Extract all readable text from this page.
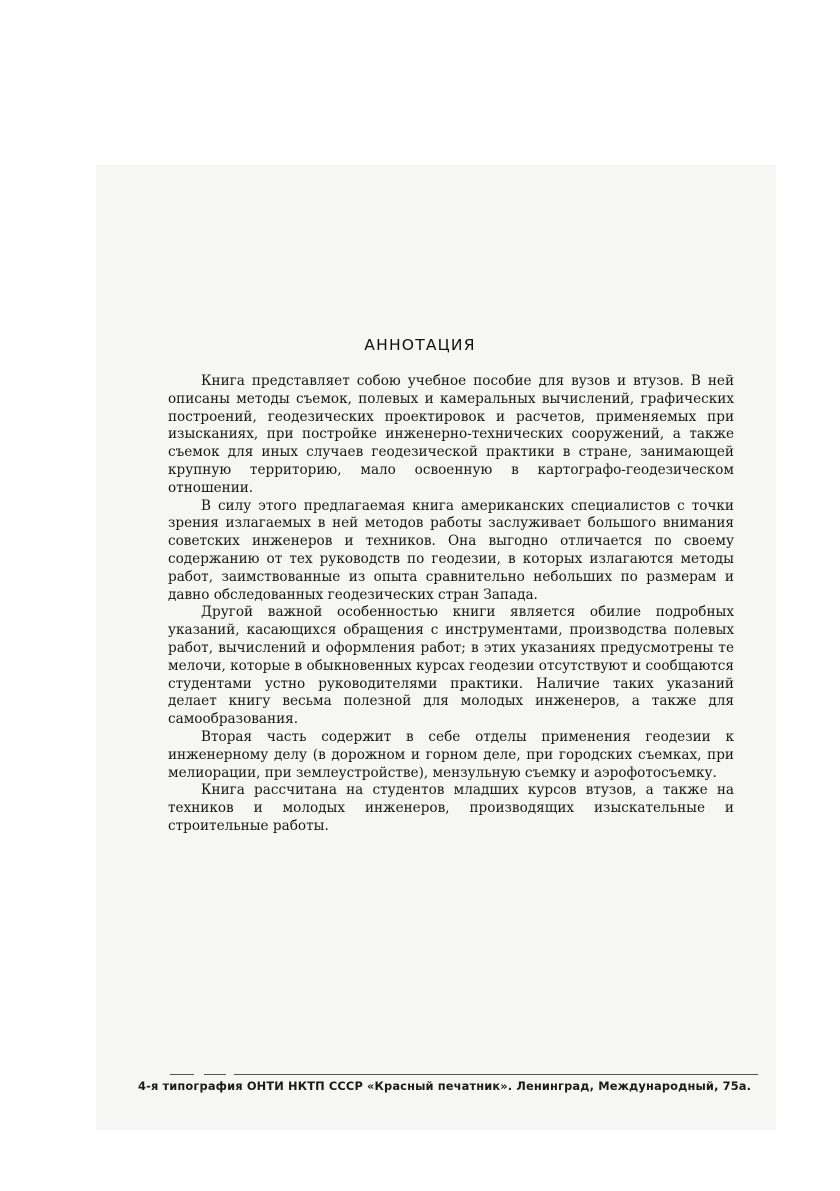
АННОТАЦИЯ

Книга представляет собою учебное пособие для вузов и втузов. В ней описаны методы съемок, полевых и камеральных вычислений, графических построений, геодезических проектировок и расчетов, применяемых при изысканиях, при постройке инженерно-технических сооружений, а также съемок для иных случаев геодезической практики в стране, занимающей крупную территорию, мало освоенную в картографо-геодезическом отношении.

В силу этого предлагаемая книга американских специалистов с точки зрения излагаемых в ней методов работы заслуживает большого внимания советских инженеров и техников. Она выгодно отличается по своему содержанию от тех руководств по геодезии, в которых излагаются методы работ, заимствованные из опыта сравнительно небольших по размерам и давно обследованных геодезических стран Запада.

Другой важной особенностью книги является обилие подробных указаний, касающихся обращения с инструментами, производства полевых работ, вычислений и оформления работ; в этих указаниях предусмотрены те мелочи, которые в обыкновенных курсах геодезии отсутствуют и сообщаются студентами устно руководителями практики. Наличие таких указаний делает книгу весьма полезной для молодых инженеров, а также для самообразования.

Вторая часть содержит в себе отделы применения геодезии к инженерному делу (в дорожном и горном деле, при городских съемках, при мелиорации, при землеустройстве), мензульную съемку и аэрофотосъемку.

Книга рассчитана на студентов младших курсов втузов, а также на техников и молодых инженеров, производящих изыскательные и строительные работы.

4-я типография ОНТИ НКТП СССР «Красный печатник». Ленинград, Международный, 75а.
